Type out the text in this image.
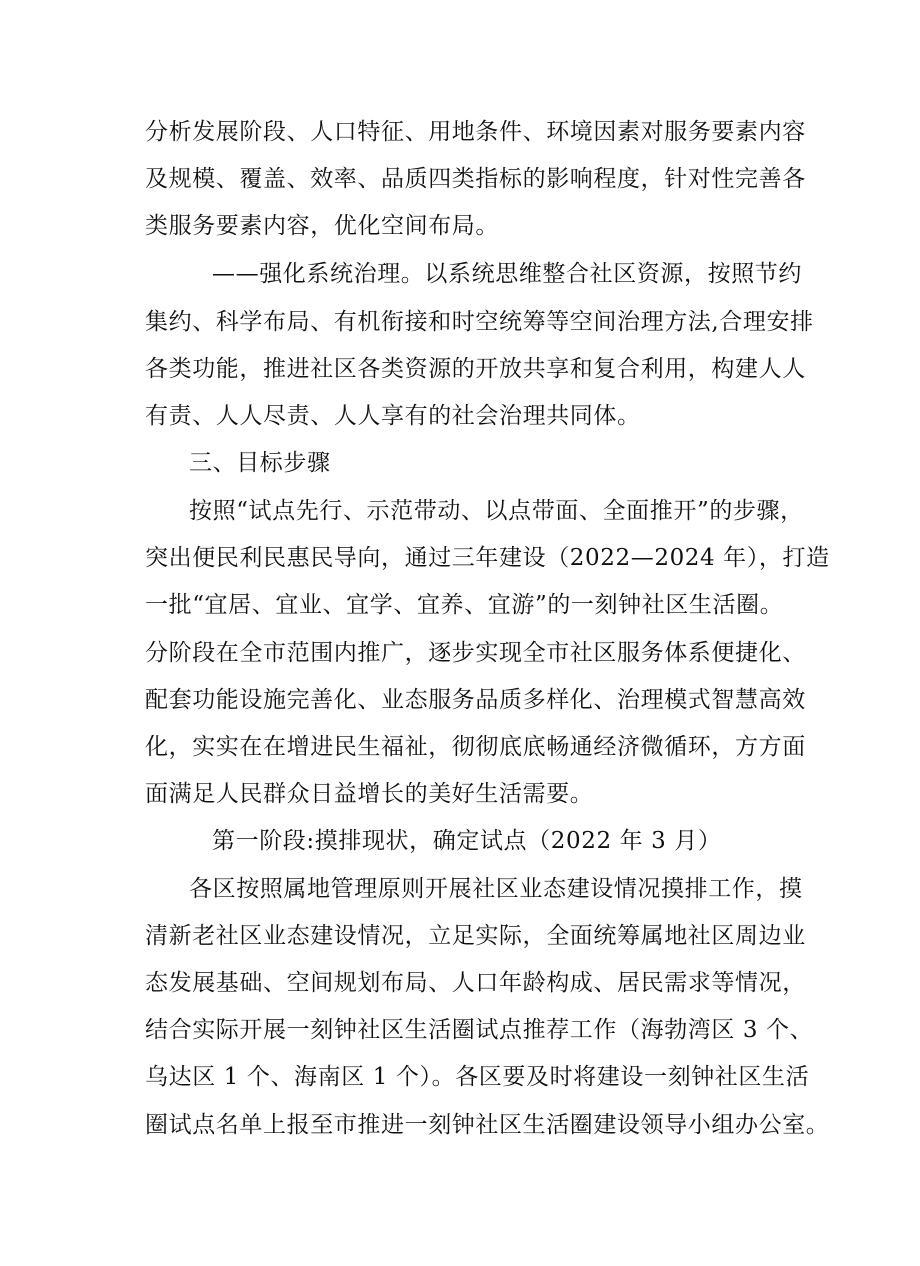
分析发展阶段、人口特征、用地条件、环境因素对服务要素内容
及规模、覆盖、效率、品质四类指标的影响程度，针对性完善各
类服务要素内容，优化空间布局。
——强化系统治理。以系统思维整合社区资源，按照节约
集约、科学布局、有机衔接和时空统筹等空间治理方法,合理安排
各类功能，推进社区各类资源的开放共享和复合利用，构建人人
有责、人人尽责、人人享有的社会治理共同体。
三、目标步骤
按照“试点先行、示范带动、以点带面、全面推开”的步骤，
突出便民利民惠民导向，通过三年建设（2022—2024 年），打造
一批“宜居、宜业、宜学、宜养、宜游”的一刻钟社区生活圈。
分阶段在全市范围内推广，逐步实现全市社区服务体系便捷化、
配套功能设施完善化、业态服务品质多样化、治理模式智慧高效
化，实实在在增进民生福祉，彻彻底底畅通经济微循环，方方面
面满足人民群众日益增长的美好生活需要。
第一阶段:摸排现状，确定试点（2022 年 3 月）
各区按照属地管理原则开展社区业态建设情况摸排工作，摸
清新老社区业态建设情况，立足实际，全面统筹属地社区周边业
态发展基础、空间规划布局、人口年龄构成、居民需求等情况，
结合实际开展一刻钟社区生活圈试点推荐工作（海勃湾区 3 个、
乌达区 1 个、海南区 1 个）。各区要及时将建设一刻钟社区生活
圈试点名单上报至市推进一刻钟社区生活圈建设领导小组办公室。
